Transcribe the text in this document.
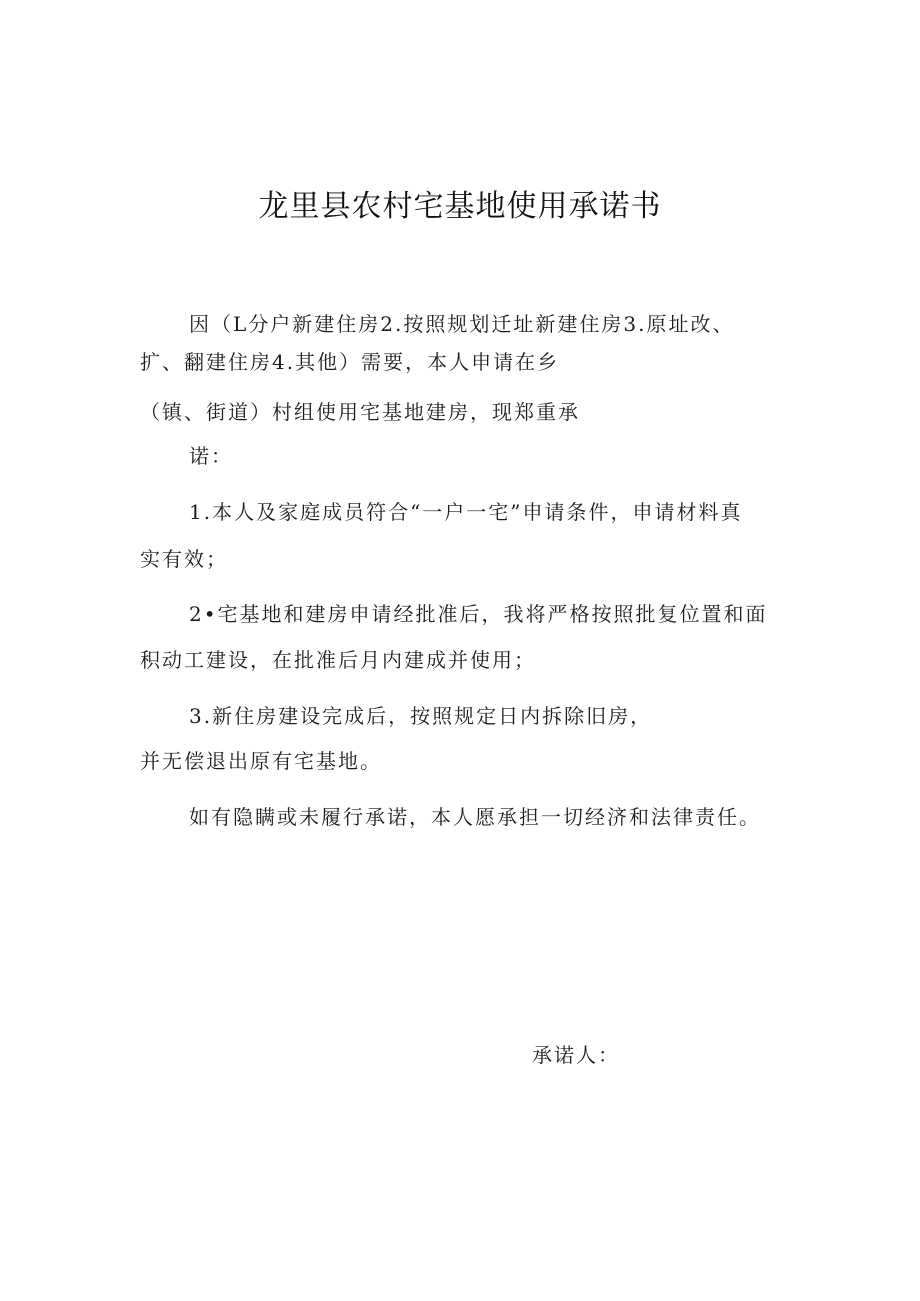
龙里县农村宅基地使用承诺书
因（L分户新建住房2.按照规划迁址新建住房3.原址改、
扩、翻建住房4.其他）需要，本人申请在乡
（镇、街道）村组使用宅基地建房，现郑重承
诺：
1.本人及家庭成员符合“一户一宅”申请条件，申请材料真
实有效；
2•宅基地和建房申请经批准后，我将严格按照批复位置和面
积动工建设，在批准后月内建成并使用；
3.新住房建设完成后，按照规定日内拆除旧房，
并无偿退出原有宅基地。
如有隐瞒或未履行承诺，本人愿承担一切经济和法律责任。
承诺人：
